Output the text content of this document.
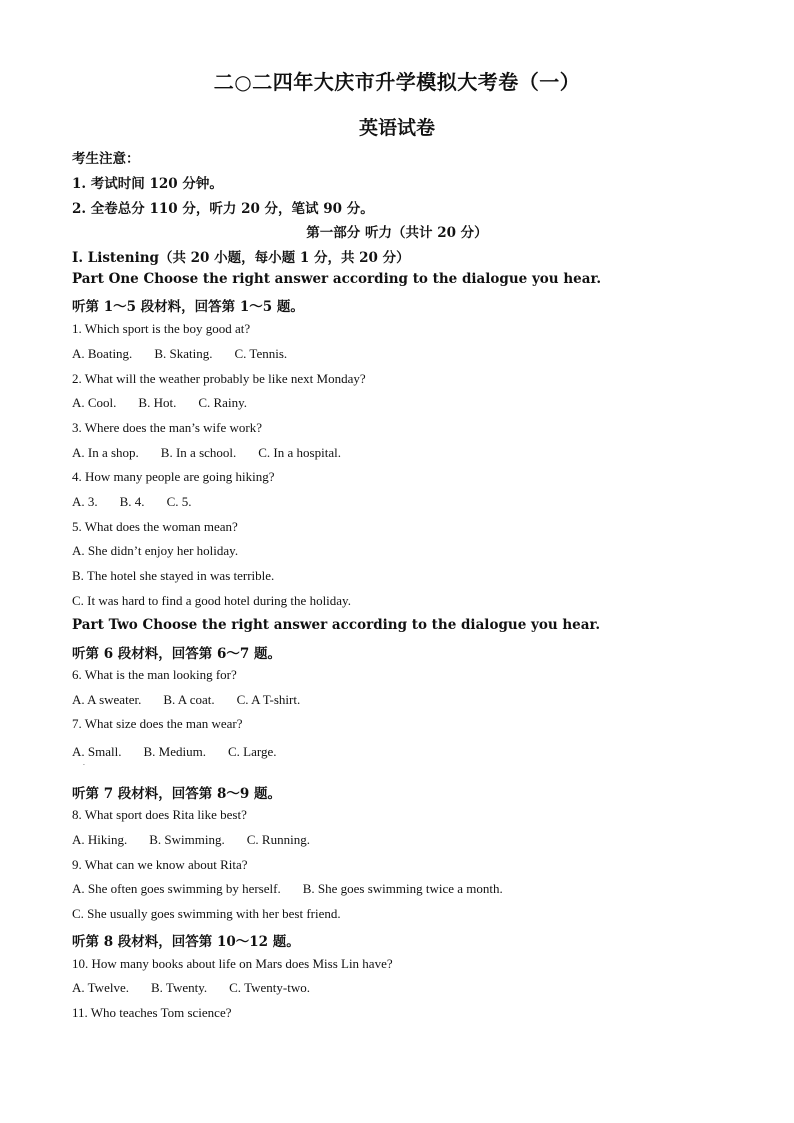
二○二四年大庆市升学模拟大考卷（一）
英语试卷
考生注意：
1. 考试时间 120 分钟。
2. 全卷总分 110 分，听力 20 分，笔试 90 分。
第一部分 听力（共计 20 分）
Ⅰ. Listening（共 20 小题，每小题 1 分，共 20 分）
Part One Choose the right answer according to the dialogue you hear.
听第 1～5 段材料，回答第 1～5 题。
1. Which sport is the boy good at?
A. Boating. B. Skating. C. Tennis.
2. What will the weather probably be like next Monday?
A. Cool. B. Hot. C. Rainy.
3. Where does the man’s wife work?
A. In a shop. B. In a school. C. In a hospital.
4. How many people are going hiking?
A. 3. B. 4. C. 5.
5. What does the woman mean?
A. She didn’t enjoy her holiday.
B. The hotel she stayed in was terrible.
C. It was hard to find a good hotel during the holiday.
Part Two Choose the right answer according to the dialogue you hear.
听第 6 段材料，回答第 6～7 题。
6. What is the man looking for?
A. A sweater. B. A coat. C. A T-shirt.
7. What size does the man wear?
A. Small. B. Medium. C. Large.
·
听第 7 段材料，回答第 8～9 题。
8. What sport does Rita like best?
A. Hiking. B. Swimming. C. Running.
9. What can we know about Rita?
A. She often goes swimming by herself. B. She goes swimming twice a month.
C. She usually goes swimming with her best friend.
听第 8 段材料，回答第 10～12 题。
10. How many books about life on Mars does Miss Lin have?
A. Twelve. B. Twenty. C. Twenty-two.
11. Who teaches Tom science?
